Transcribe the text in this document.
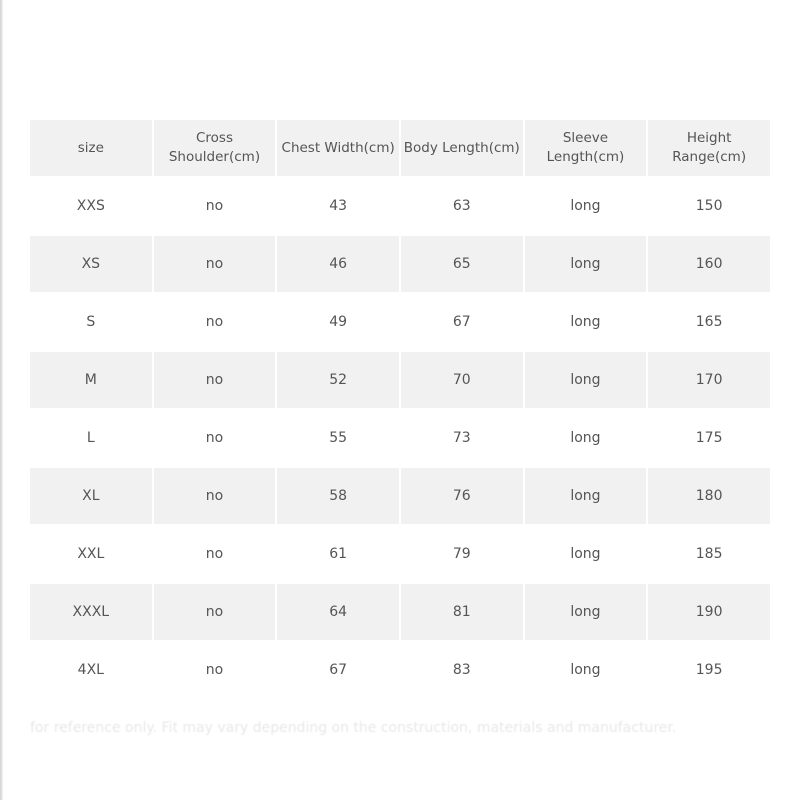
size	Cross Shoulder(cm)	Chest Width(cm)	Body Length(cm)	Sleeve Length(cm)	Height Range(cm)
XXS	no	43	63	long	150
XS	no	46	65	long	160
S	no	49	67	long	165
M	no	52	70	long	170
L	no	55	73	long	175
XL	no	58	76	long	180
XXL	no	61	79	long	185
XXXL	no	64	81	long	190
4XL	no	67	83	long	195
for reference only. Fit may vary depending on the construction, materials and manufacturer.
